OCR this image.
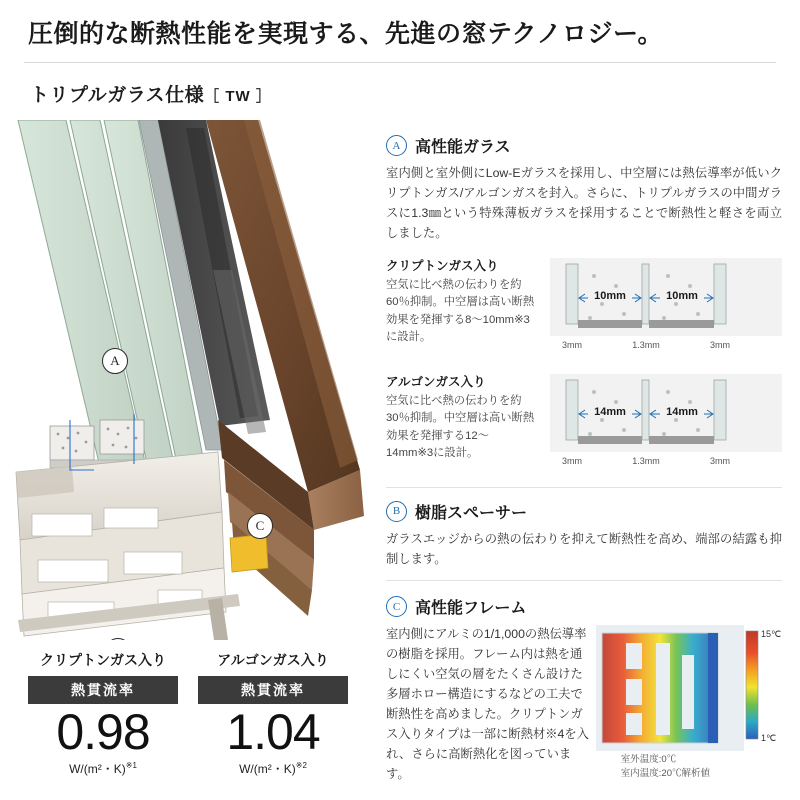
圧倒的な断熱性能を実現する、先進の窓テクノロジー。
トリプルガラス仕様［ TW ］
A
C
クリプトンガス入り
熱貫流率
0.98
W/(m²・K)$^{※1}$
アルゴンガス入り
熱貫流率
1.04
W/(m²・K)$^{※2}$
A 高性能ガラス
室内側と室外側にLow-Eガラスを採用し、中空層には熱伝導率が低いクリプトンガス/アルゴンガスを封入。さらに、トリプルガラスの中間ガラスに1.3㎜という特殊薄板ガラスを採用することで断熱性と軽さを両立しました。
クリプトンガス入り
空気に比べ熱の伝わりを約60％抑制。中空層は高い断熱効果を発揮する8～10mm※3に設計。
10mm	10mm
3mm	1.3mm	3mm
アルゴンガス入り
空気に比べ熱の伝わりを約30％抑制。中空層は高い断熱効果を発揮する12～14mm※3に設計。
14mm	14mm
3mm	1.3mm	3mm
B 樹脂スペーサー
ガラスエッジからの熱の伝わりを抑えて断熱性を高め、端部の結露も抑制します。
C 高性能フレーム
室内側にアルミの1/1,000の熱伝導率の樹脂を採用。フレーム内は熱を通しにくい空気の層をたくさん設けた多層ホロー構造にするなどの工夫で断熱性を高めました。クリプトンガス入りタイプは一部に断熱材※4を入れ、さらに高断熱化を図っています。
15℃
1℃
室外温度:0℃
室内温度:20℃解析値
